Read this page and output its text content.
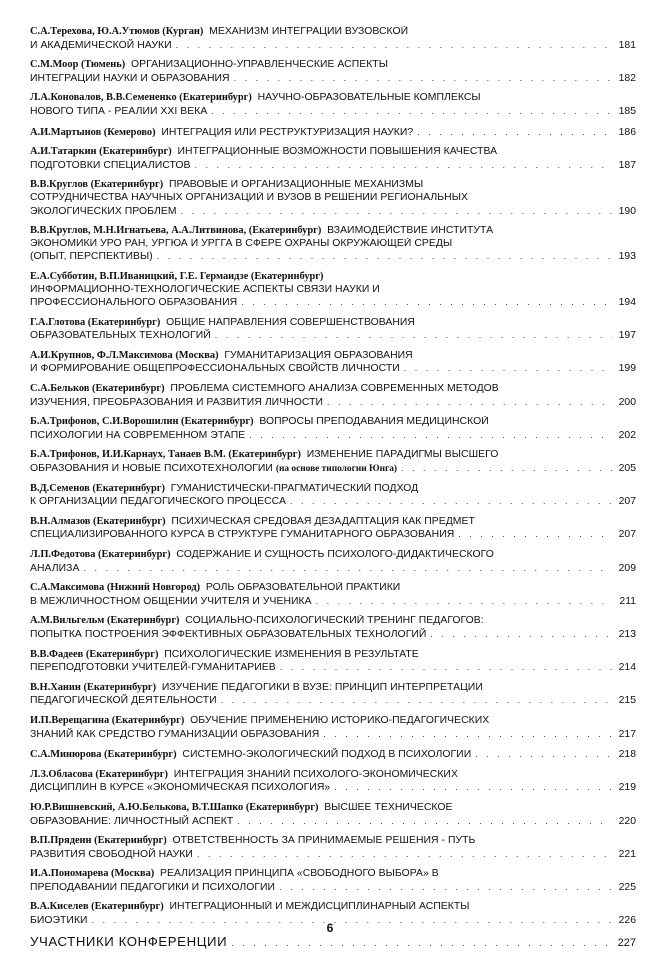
С.А.Терехова, Ю.А.Утюмов (Курган) МЕХАНИЗМ ИНТЕГРАЦИИ ВУЗОВСКОЙ
И АКАДЕМИЧЕСКОЙ НАУКИ . . .	181
С.М.Моор (Тюмень) ОРГАНИЗАЦИОННО-УПРАВЛЕНЧЕСКИЕ АСПЕКТЫ
ИНТЕГРАЦИИ НАУКИ И ОБРАЗОВАНИЯ . . .	182
Л.А.Коновалов, В.В.Семененко (Екатеринбург) НАУЧНО-ОБРАЗОВАТЕЛЬНЫЕ КОМПЛЕКСЫ
НОВОГО ТИПА - РЕАЛИИ XXI ВЕКА . . .	185
А.И.Мартынов (Кемерово) ИНТЕГРАЦИЯ ИЛИ РЕСТРУКТУРИЗАЦИЯ НАУКИ? . . .	186
А.И.Татаркин (Екатеринбург) ИНТЕГРАЦИОННЫЕ ВОЗМОЖНОСТИ ПОВЫШЕНИЯ КАЧЕСТВА
ПОДГОТОВКИ СПЕЦИАЛИСТОВ . . .	187
В.В.Круглов (Екатеринбург) ПРАВОВЫЕ И ОРГАНИЗАЦИОННЫЕ МЕХАНИЗМЫ
СОТРУДНИЧЕСТВА НАУЧНЫХ ОРГАНИЗАЦИЙ И ВУЗОВ В РЕШЕНИИ РЕГИОНАЛЬНЫХ
ЭКОЛОГИЧЕСКИХ ПРОБЛЕМ . . .	190
В.В.Круглов, М.Н.Игнатьева, А.А.Литвинова, (Екатеринбург) ВЗАИМОДЕЙСТВИЕ ИНСТИТУТА
ЭКОНОМИКИ УРО РАН, УРГЮА И УРГГА В СФЕРЕ ОХРАНЫ ОКРУЖАЮЩЕЙ СРЕДЫ
(ОПЫТ, ПЕРСПЕКТИВЫ) . . .	193
Е.А.Субботин, В.П.Иваницкий, Г.Е. Гермаидзе (Екатеринбург)
ИНФОРМАЦИОННО-ТЕХНОЛОГИЧЕСКИЕ АСПЕКТЫ СВЯЗИ НАУКИ И
ПРОФЕССИОНАЛЬНОГО ОБРАЗОВАНИЯ . . .	194
Г.А.Глотова (Екатеринбург) ОБЩИЕ НАПРАВЛЕНИЯ СОВЕРШЕНСТВОВАНИЯ
ОБРАЗОВАТЕЛЬНЫХ ТЕХНОЛОГИЙ . . .	197
А.И.Крупнов, Ф.Л.Максимова (Москва) ГУМАНИТАРИЗАЦИЯ ОБРАЗОВАНИЯ
И ФОРМИРОВАНИЕ ОБЩЕПРОФЕССИОНАЛЬНЫХ СВОЙСТВ ЛИЧНОСТИ . . .	199
С.А.Бельков (Екатеринбург) ПРОБЛЕМА СИСТЕМНОГО АНАЛИЗА СОВРЕМЕННЫХ МЕТОДОВ
ИЗУЧЕНИЯ, ПРЕОБРАЗОВАНИЯ И РАЗВИТИЯ ЛИЧНОСТИ . . .	200
Б.А.Трифонов, С.И.Ворошилин (Екатеринбург) ВОПРОСЫ ПРЕПОДАВАНИЯ МЕДИЦИНСКОЙ
ПСИХОЛОГИИ НА СОВРЕМЕННОМ ЭТАПЕ . . .	202
Б.А.Трифонов, И.И.Карнаух, Танаев В.М. (Екатеринбург) ИЗМЕНЕНИЕ ПАРАДИГМЫ ВЫСШЕГО
ОБРАЗОВАНИЯ И НОВЫЕ ПСИХОТЕХНОЛОГИИ (на основе типологии Юнга) . . .	205
В.Д.Семенов (Екатеринбург) ГУМАНИСТИЧЕСКИ-ПРАГМАТИЧЕСКИЙ ПОДХОД
К ОРГАНИЗАЦИИ ПЕДАГОГИЧЕСКОГО ПРОЦЕССА . . .	207
В.Н.Алмазов (Екатеринбург) ПСИХИЧЕСКАЯ СРЕДОВАЯ ДЕЗАДАПТАЦИЯ КАК ПРЕДМЕТ
СПЕЦИАЛИЗИРОВАННОГО КУРСА В СТРУКТУРЕ ГУМАНИТАРНОГО ОБРАЗОВАНИЯ . . .	207
Л.П.Федотова (Екатеринбург) СОДЕРЖАНИЕ И СУЩНОСТЬ ПСИХОЛОГО-ДИДАКТИЧЕСКОГО
АНАЛИЗА . . .	209
С.А.Максимова (Нижний Новгород) РОЛЬ ОБРАЗОВАТЕЛЬНОЙ ПРАКТИКИ
В МЕЖЛИЧНОСТНОМ ОБЩЕНИИ УЧИТЕЛЯ И УЧЕНИКА . . .	211
А.М.Вильгельм (Екатеринбург) СОЦИАЛЬНО-ПСИХОЛОГИЧЕСКИЙ ТРЕНИНГ ПЕДАГОГОВ:
ПОПЫТКА ПОСТРОЕНИЯ ЭФФЕКТИВНЫХ ОБРАЗОВАТЕЛЬНЫХ ТЕХНОЛОГИЙ . . .	213
В.В.Фадеев (Екатеринбург) ПСИХОЛОГИЧЕСКИЕ ИЗМЕНЕНИЯ В РЕЗУЛЬТАТЕ
ПЕРЕПОДГОТОВКИ УЧИТЕЛЕЙ-ГУМАНИТАРИЕВ . . .	214
В.Н.Ханин (Екатеринбург) ИЗУЧЕНИЕ ПЕДАГОГИКИ В ВУЗЕ: ПРИНЦИП ИНТЕРПРЕТАЦИИ
ПЕДАГОГИЧЕСКОЙ ДЕЯТЕЛЬНОСТИ . . .	215
И.П.Верещагина (Екатеринбург) ОБУЧЕНИЕ ПРИМЕНЕНИЮ ИСТОРИКО-ПЕДАГОГИЧЕСКИХ
ЗНАНИЙ КАК СРЕДСТВО ГУМАНИЗАЦИИ ОБРАЗОВАНИЯ . . .	217
С.А.Минюрова (Екатеринбург) СИСТЕМНО-ЭКОЛОГИЧЕСКИЙ ПОДХОД В ПСИХОЛОГИИ . . .	218
Л.З.Обласова (Екатеринбург) ИНТЕГРАЦИЯ ЗНАНИЙ ПСИХОЛОГО-ЭКОНОМИЧЕСКИХ
ДИСЦИПЛИН В КУРСЕ «ЭКОНОМИЧЕСКАЯ ПСИХОЛОГИЯ» . . .	219
Ю.Р.Вишневский, А.Ю.Белькова, В.Т.Шапко (Екатеринбург) ВЫСШЕЕ ТЕХНИЧЕСКОЕ
ОБРАЗОВАНИЕ: ЛИЧНОСТНЫЙ АСПЕКТ . . .	220
В.П.Прядеин (Екатеринбург) ОТВЕТСТВЕННОСТЬ ЗА ПРИНИМАЕМЫЕ РЕШЕНИЯ - ПУТЬ
РАЗВИТИЯ СВОБОДНОЙ НАУКИ . . .	221
И.А.Пономарева (Москва) РЕАЛИЗАЦИЯ ПРИНЦИПА «СВОБОДНОГО ВЫБОРА» В
ПРЕПОДАВАНИИ ПЕДАГОГИКИ И ПСИХОЛОГИИ . . .	225
В.А.Киселев (Екатеринбург) ИНТЕГРАЦИОННЫЙ И МЕЖДИСЦИПЛИНАРНЫЙ АСПЕКТЫ
БИОЭТИКИ . . .	226
УЧАСТНИКИ КОНФЕРЕНЦИИ . . .	227
6
